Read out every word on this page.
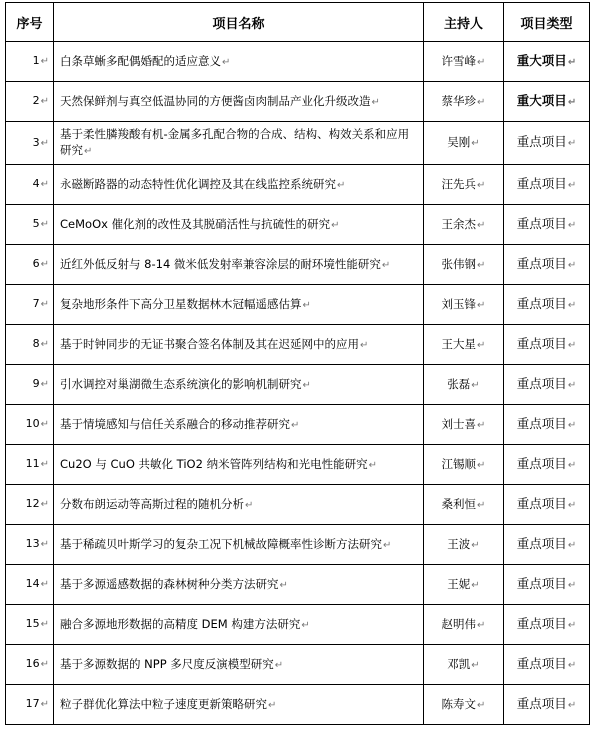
序号	项目名称	主持人	项目类型
1↵	白条草蜥多配偶婚配的适应意义↵	许雪峰↵	重大项目↵
2↵	天然保鲜剂与真空低温协同的方便酱卤肉制品产业化升级改造↵	蔡华珍↵	重大项目↵
3↵	基于柔性膦羧酸有机-金属多孔配合物的合成、结构、构效关系和应用研究↵	吴刚↵	重点项目↵
4↵	永磁断路器的动态特性优化调控及其在线监控系统研究↵	汪先兵↵	重点项目↵
5↵	CeMoOx 催化剂的改性及其脱硝活性与抗硫性的研究↵	王余杰↵	重点项目↵
6↵	近红外低反射与 8-14 微米低发射率兼容涂层的耐环境性能研究↵	张伟钢↵	重点项目↵
7↵	复杂地形条件下高分卫星数据林木冠幅遥感估算↵	刘玉锋↵	重点项目↵
8↵	基于时钟同步的无证书聚合签名体制及其在迟延网中的应用↵	王大星↵	重点项目↵
9↵	引水调控对巢湖微生态系统演化的影响机制研究↵	张磊↵	重点项目↵
10↵	基于情境感知与信任关系融合的移动推荐研究↵	刘士喜↵	重点项目↵
11↵	Cu2O 与 CuO 共敏化 TiO2 纳米管阵列结构和光电性能研究↵	江锡顺↵	重点项目↵
12↵	分数布朗运动等高斯过程的随机分析↵	桑利恒↵	重点项目↵
13↵	基于稀疏贝叶斯学习的复杂工况下机械故障概率性诊断方法研究↵	王波↵	重点项目↵
14↵	基于多源遥感数据的森林树种分类方法研究↵	王妮↵	重点项目↵
15↵	融合多源地形数据的高精度 DEM 构建方法研究↵	赵明伟↵	重点项目↵
16↵	基于多源数据的 NPP 多尺度反演模型研究↵	邓凯↵	重点项目↵
17↵	粒子群优化算法中粒子速度更新策略研究↵	陈寿文↵	重点项目↵
